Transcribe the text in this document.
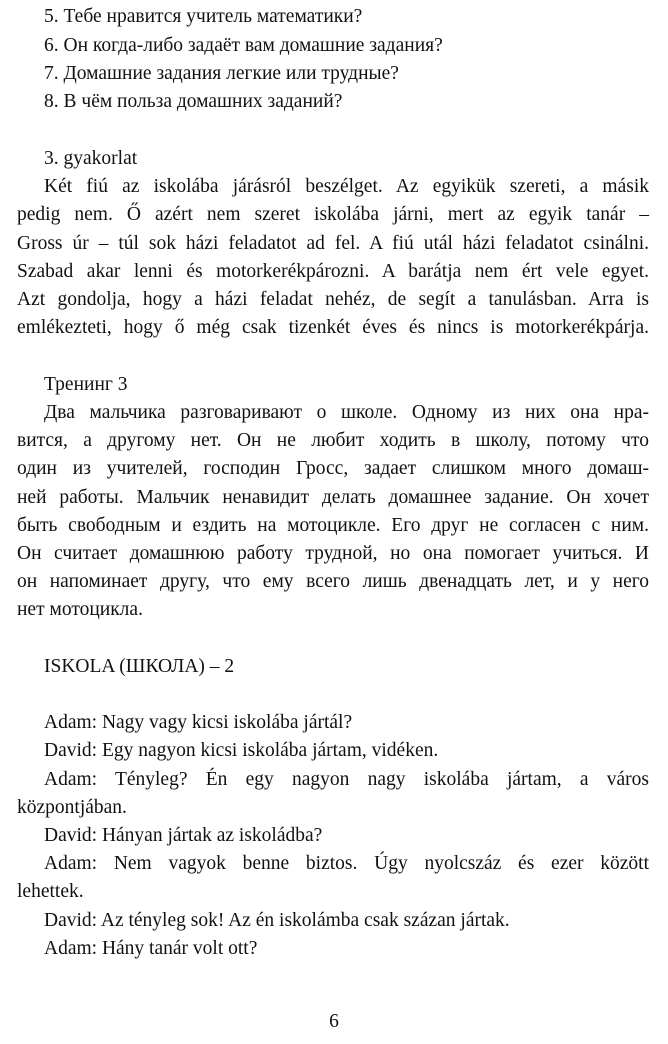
5. Тебе нравится учитель математики?
6. Он когда-либо задаёт вам домашние задания?
7. Домашние задания легкие или трудные?
8. В чём польза домашних заданий?
3. gyakorlat
Két fiú az iskolába járásról beszélget. Az egyikük szereti, a másik
pedig nem. Ő azért nem szeret iskolába járni, mert az egyik tanár –
Gross úr – túl sok házi feladatot ad fel. A fiú utál házi feladatot csinálni.
Szabad akar lenni és motorkerékpározni. A barátja nem ért vele egyet.
Azt gondolja, hogy a házi feladat nehéz, de segít a tanulásban. Arra is
emlékezteti, hogy ő még csak tizenkét éves és nincs is motorkerékpárja.
Тренинг 3
Два мальчика разговаривают о школе. Одному из них она нра-
вится, а другому нет. Он не любит ходить в школу, потому что
один из учителей, господин Гросс, задает слишком много домаш-
ней работы. Мальчик ненавидит делать домашнее задание. Он хочет
быть свободным и ездить на мотоцикле. Его друг не согласен с ним.
Он считает домашнюю работу трудной, но она помогает учиться. И
он напоминает другу, что ему всего лишь двенадцать лет, и у него
нет мотоцикла.
ISKOLA (ШКОЛА) – 2
Adam: Nagy vagy kicsi iskolába jártál?
David: Egy nagyon kicsi iskolába jártam, vidéken.
Adam: Tényleg? Én egy nagyon nagy iskolába jártam, a város
központjában.
David: Hányan jártak az iskoládba?
Adam: Nem vagyok benne biztos. Úgy nyolcszáz és ezer között
lehettek.
David: Az tényleg sok! Az én iskolámba csak százan jártak.
Adam: Hány tanár volt ott?
6
